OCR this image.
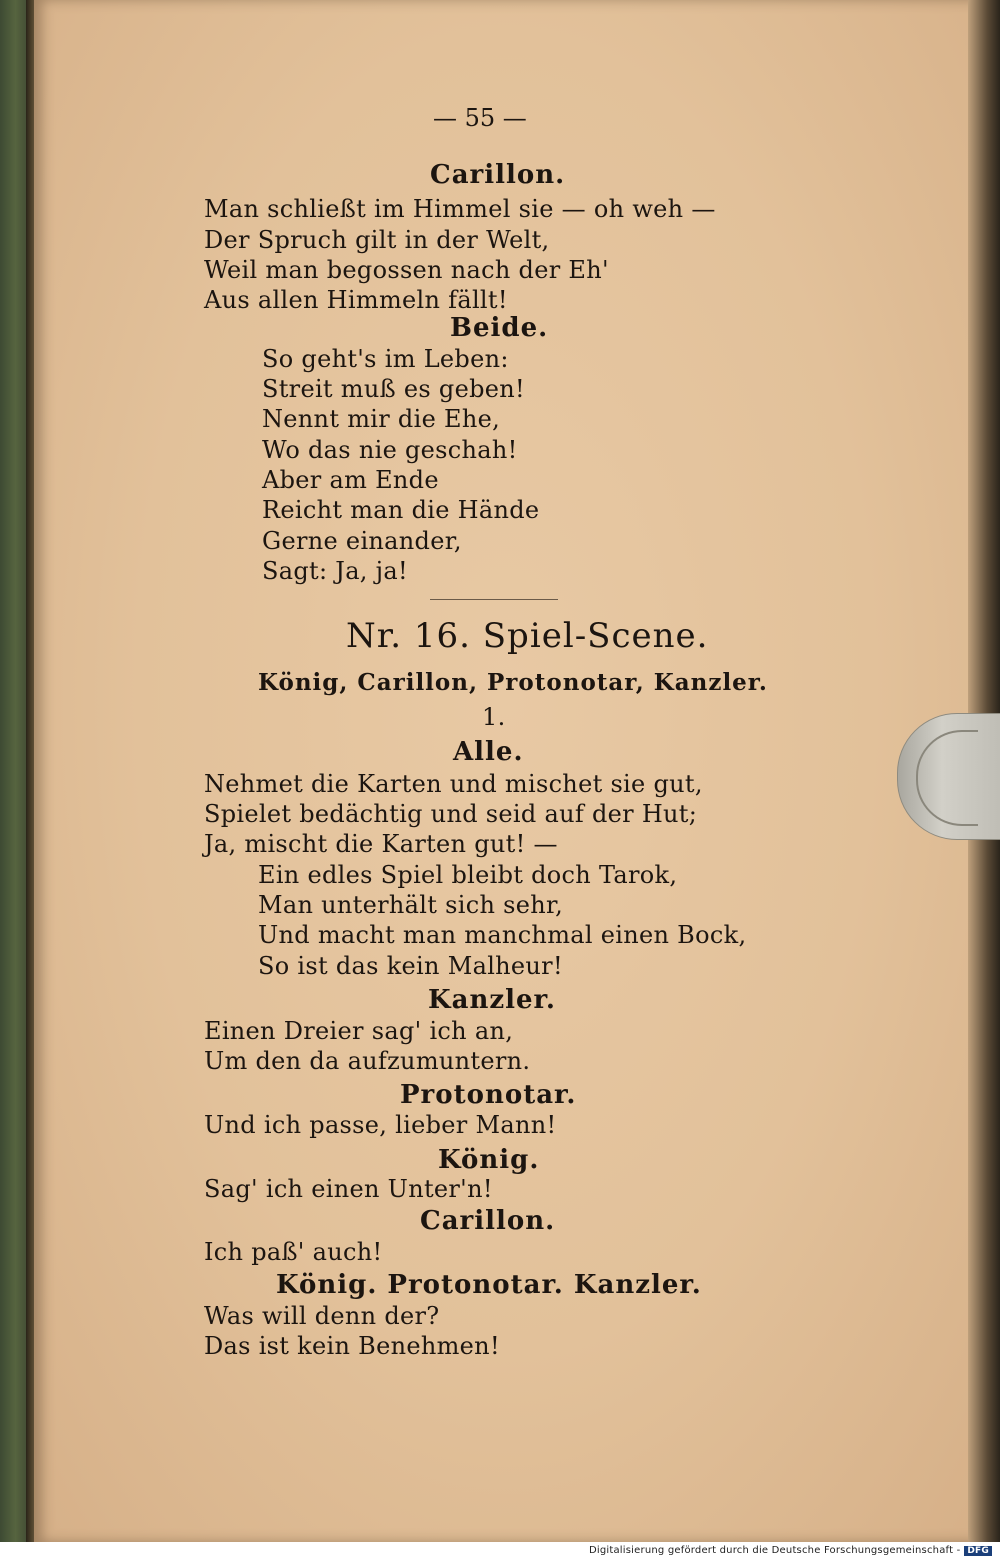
— 55 —
Carillon.
Man schließt im Himmel sie — oh weh —
Der Spruch gilt in der Welt,
Weil man begossen nach der Eh'
Aus allen Himmeln fällt!
Beide.
So geht's im Leben:
Streit muß es geben!
Nennt mir die Ehe,
Wo das nie geschah!
Aber am Ende
Reicht man die Hände
Gerne einander,
Sagt: Ja, ja!
Nr. 16. Spiel-Scene.
König, Carillon, Protonotar, Kanzler.
1.
Alle.
Nehmet die Karten und mischet sie gut,
Spielet bedächtig und seid auf der Hut;
Ja, mischt die Karten gut! —
Ein edles Spiel bleibt doch Tarok,
Man unterhält sich sehr,
Und macht man manchmal einen Bock,
So ist das kein Malheur!
Kanzler.
Einen Dreier sag' ich an,
Um den da aufzumuntern.
Protonotar.
Und ich passe, lieber Mann!
König.
Sag' ich einen Unter'n!
Carillon.
Ich paß' auch!
König. Protonotar. Kanzler.
Was will denn der?
Das ist kein Benehmen!
Digitalisierung gefördert durch die Deutsche Forschungsgemeinschaft - DFG
